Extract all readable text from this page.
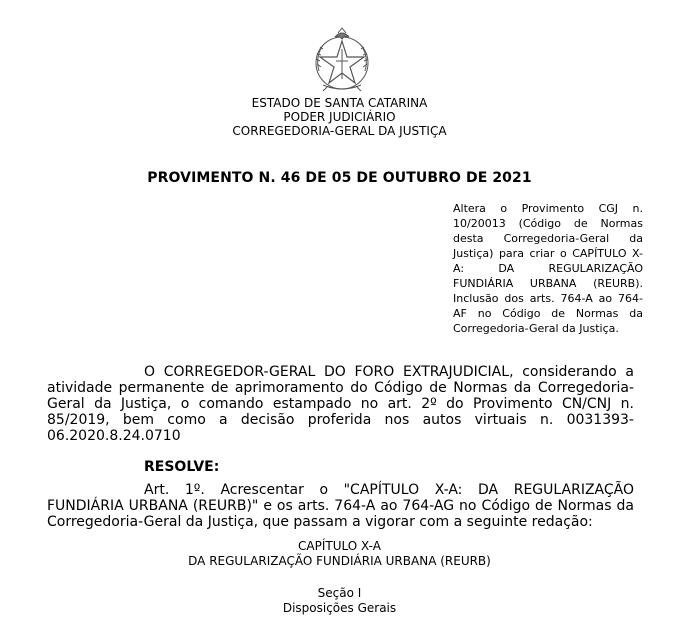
ESTADO DE SANTA CATARINA
PODER JUDICIÁRIO
CORREGEDORIA-GERAL DA JUSTIÇA
PROVIMENTO N. 46 DE 05 DE OUTUBRO DE 2021
Altera o Provimento CGJ n. 10/20013 (Código de Normas desta Corregedoria-Geral da Justiça) para criar o CAPÍTULO X-A: DA REGULARIZAÇÃO FUNDIÁRIA URBANA (REURB). Inclusão dos arts. 764-A ao 764-AF no Código de Normas da Corregedoria-Geral da Justiça.
O CORREGEDOR-GERAL DO FORO EXTRAJUDICIAL, considerando a atividade permanente de aprimoramento do Código de Normas da Corregedoria-Geral da Justiça, o comando estampado no art. 2º do Provimento CN/CNJ n. 85/2019, bem como a decisão proferida nos autos virtuais n. 0031393-06.2020.8.24.0710
RESOLVE:
Art. 1º. Acrescentar o "CAPÍTULO X-A: DA REGULARIZAÇÃO FUNDIÁRIA URBANA (REURB)" e os arts. 764-A ao 764-AG no Código de Normas da Corregedoria-Geral da Justiça, que passam a vigorar com a seguinte redação:
CAPÍTULO X-A
DA REGULARIZAÇÃO FUNDIÁRIA URBANA (REURB)
Seção I
Disposições Gerais
